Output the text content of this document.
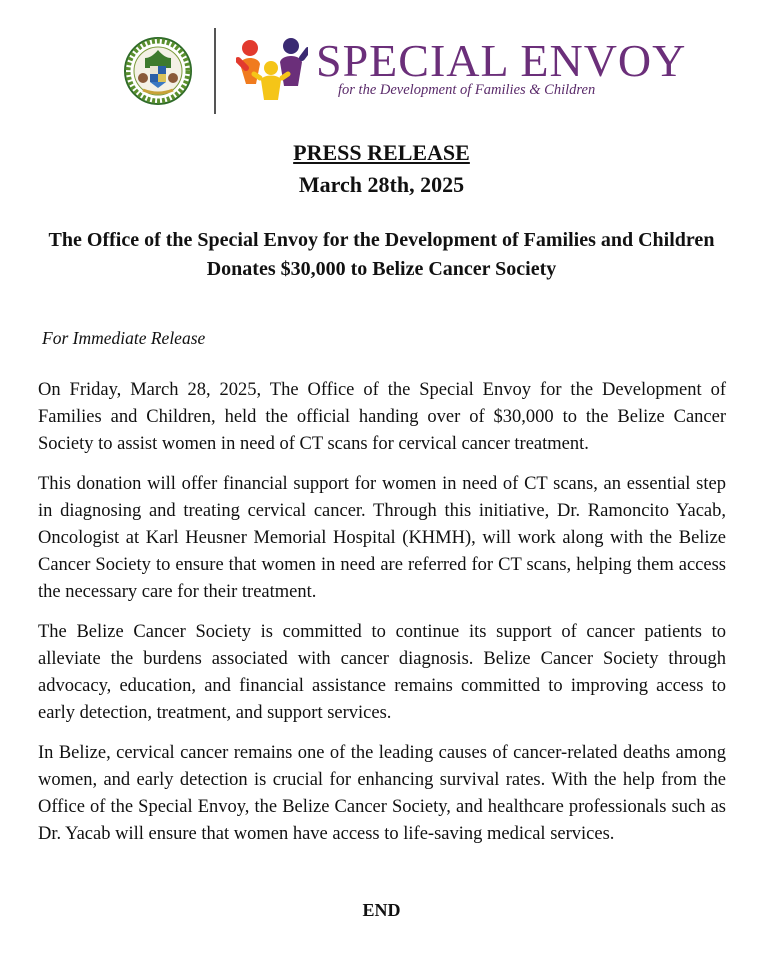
SPECIAL ENVOY
for the Development of Families & Children
PRESS RELEASE
March 28th, 2025
The Office of the Special Envoy for the Development of Families and Children Donates $30,000 to Belize Cancer Society
For Immediate Release

On Friday, March 28, 2025, The Office of the Special Envoy for the Development of Families and Children, held the official handing over of $30,000 to the Belize Cancer Society to assist women in need of CT scans for cervical cancer treatment.

This donation will offer financial support for women in need of CT scans, an essential step in diagnosing and treating cervical cancer. Through this initiative, Dr. Ramoncito Yacab, Oncologist at Karl Heusner Memorial Hospital (KHMH), will work along with the Belize Cancer Society to ensure that women in need are referred for CT scans, helping them access the necessary care for their treatment.

The Belize Cancer Society is committed to continue its support of cancer patients to alleviate the burdens associated with cancer diagnosis. Belize Cancer Society through advocacy, education, and financial assistance remains committed to improving access to early detection, treatment, and support services.

In Belize, cervical cancer remains one of the leading causes of cancer-related deaths among women, and early detection is crucial for enhancing survival rates. With the help from the Office of the Special Envoy, the Belize Cancer Society, and healthcare professionals such as Dr. Yacab will ensure that women have access to life-saving medical services.

END
